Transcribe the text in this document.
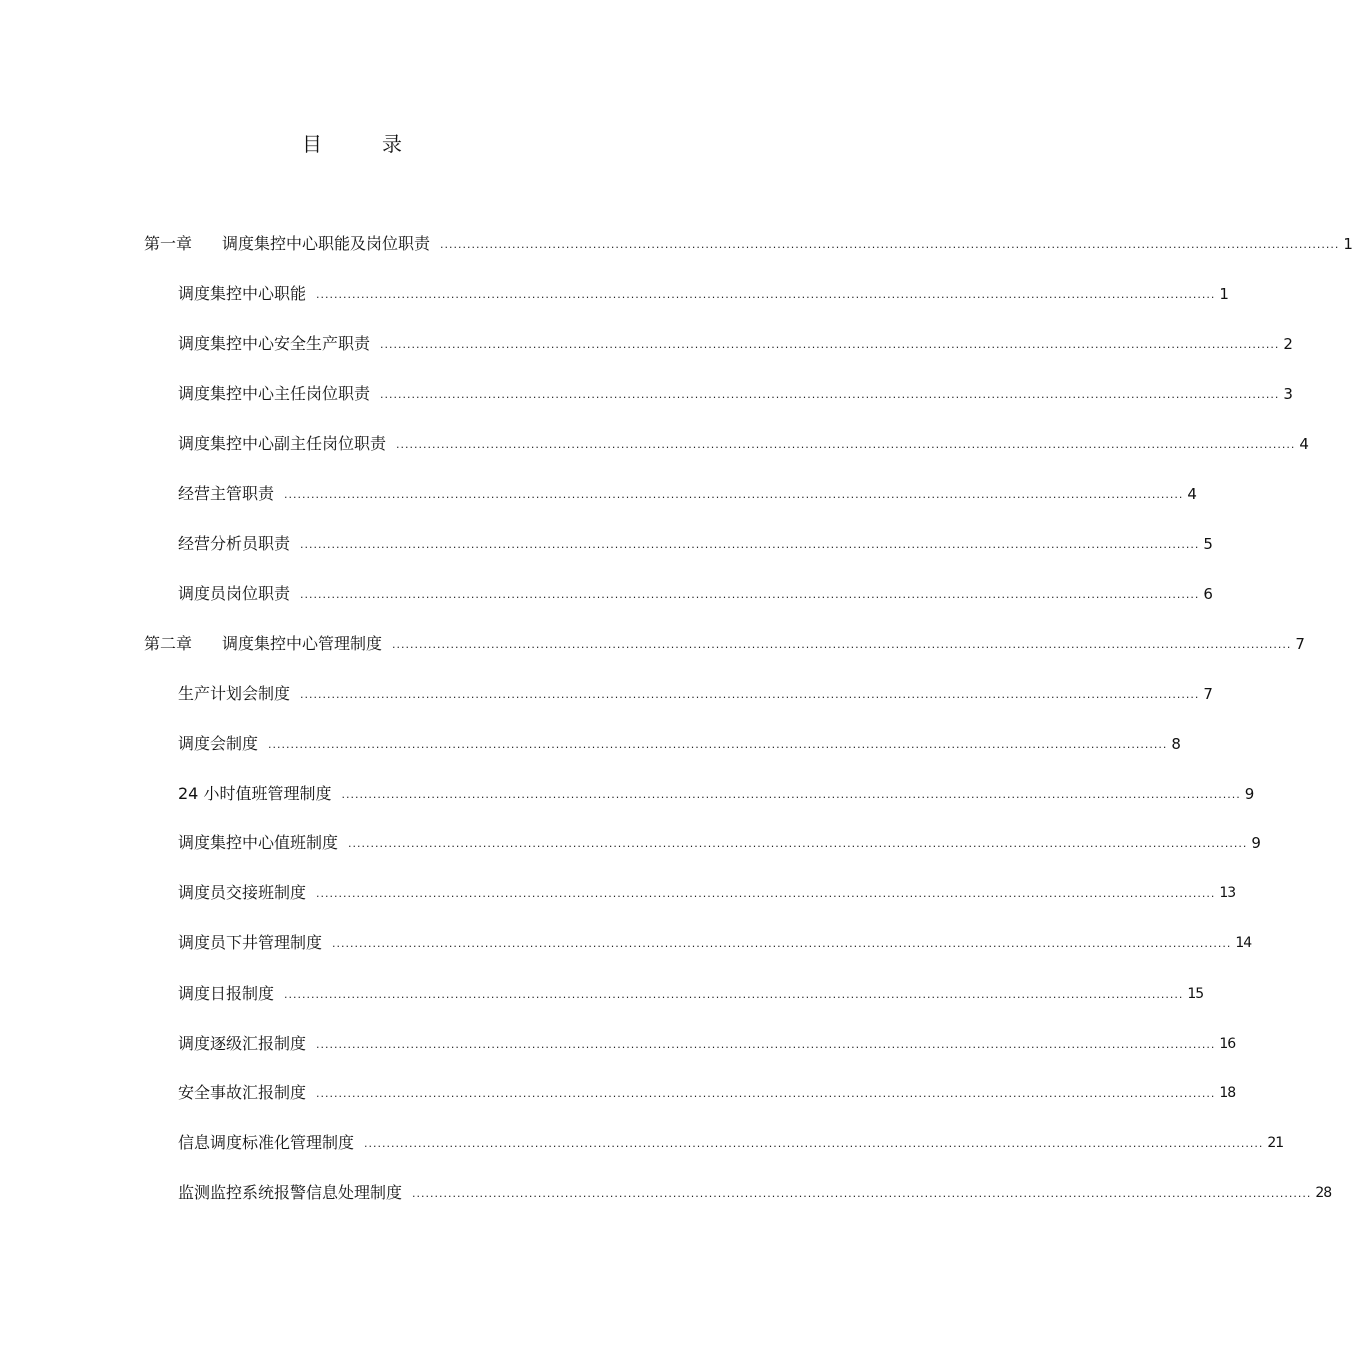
目	录
第一章 调度集控中心职能及岗位职责 ........................................................................................................................................................................................................ 1
调度集控中心职能 ........................................................................................................................................................................................................ 1
调度集控中心安全生产职责 ........................................................................................................................................................................................................ 2
调度集控中心主任岗位职责 ........................................................................................................................................................................................................ 3
调度集控中心副主任岗位职责 ........................................................................................................................................................................................................ 4
经营主管职责 ........................................................................................................................................................................................................ 4
经营分析员职责 ........................................................................................................................................................................................................ 5
调度员岗位职责 ........................................................................................................................................................................................................ 6
第二章 调度集控中心管理制度 ........................................................................................................................................................................................................ 7
生产计划会制度 ........................................................................................................................................................................................................ 7
调度会制度 ........................................................................................................................................................................................................ 8
24 小时值班管理制度 ........................................................................................................................................................................................................ 9
调度集控中心值班制度 ........................................................................................................................................................................................................ 9
调度员交接班制度 ........................................................................................................................................................................................................ 13
调度员下井管理制度 ........................................................................................................................................................................................................ 14
调度日报制度 ........................................................................................................................................................................................................ 15
调度逐级汇报制度 ........................................................................................................................................................................................................ 16
安全事故汇报制度 ........................................................................................................................................................................................................ 18
信息调度标准化管理制度 ........................................................................................................................................................................................................ 21
监测监控系统报警信息处理制度 ........................................................................................................................................................................................................ 28
